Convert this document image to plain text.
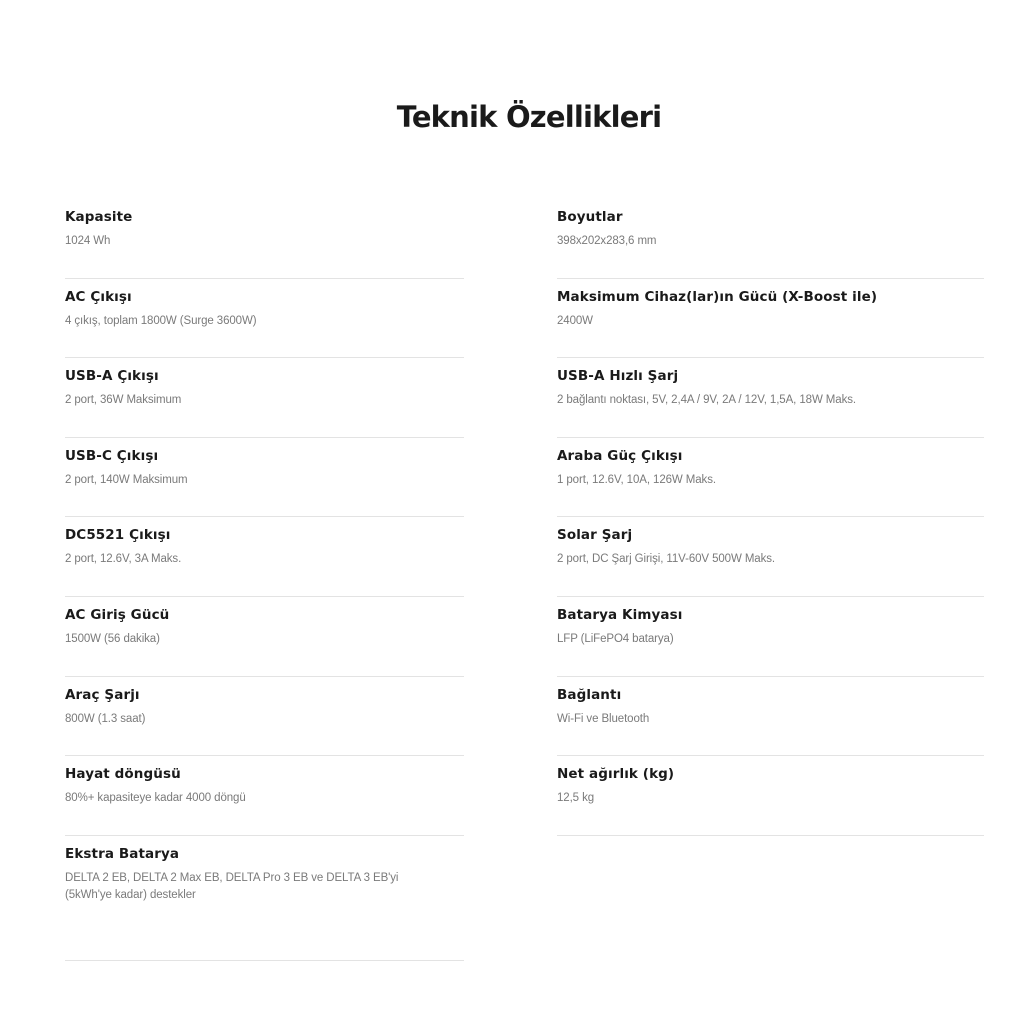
Teknik Özellikleri
Kapasite
1024 Wh
AC Çıkışı
4 çıkış, toplam 1800W (Surge 3600W)
USB-A Çıkışı
2 port, 36W Maksimum
USB-C Çıkışı
2 port, 140W Maksimum
DC5521 Çıkışı
2 port, 12.6V, 3A Maks.
AC Giriş Gücü
1500W (56 dakika)
Araç Şarjı
800W (1.3 saat)
Hayat döngüsü
80%+ kapasiteye kadar 4000 döngü
Ekstra Batarya
DELTA 2 EB, DELTA 2 Max EB, DELTA Pro 3 EB ve DELTA 3 EB'yi
(5kWh'ye kadar) destekler
Boyutlar
398x202x283,6 mm
Maksimum Cihaz(lar)ın Gücü (X-Boost ile)
2400W
USB-A Hızlı Şarj
2 bağlantı noktası, 5V, 2,4A / 9V, 2A / 12V, 1,5A, 18W Maks.
Araba Güç Çıkışı
1 port, 12.6V, 10A, 126W Maks.
Solar Şarj
2 port, DC Şarj Girişi, 11V-60V 500W Maks.
Batarya Kimyası
LFP (LiFePO4 batarya)
Bağlantı
Wi-Fi ve Bluetooth
Net ağırlık (kg)
12,5 kg
